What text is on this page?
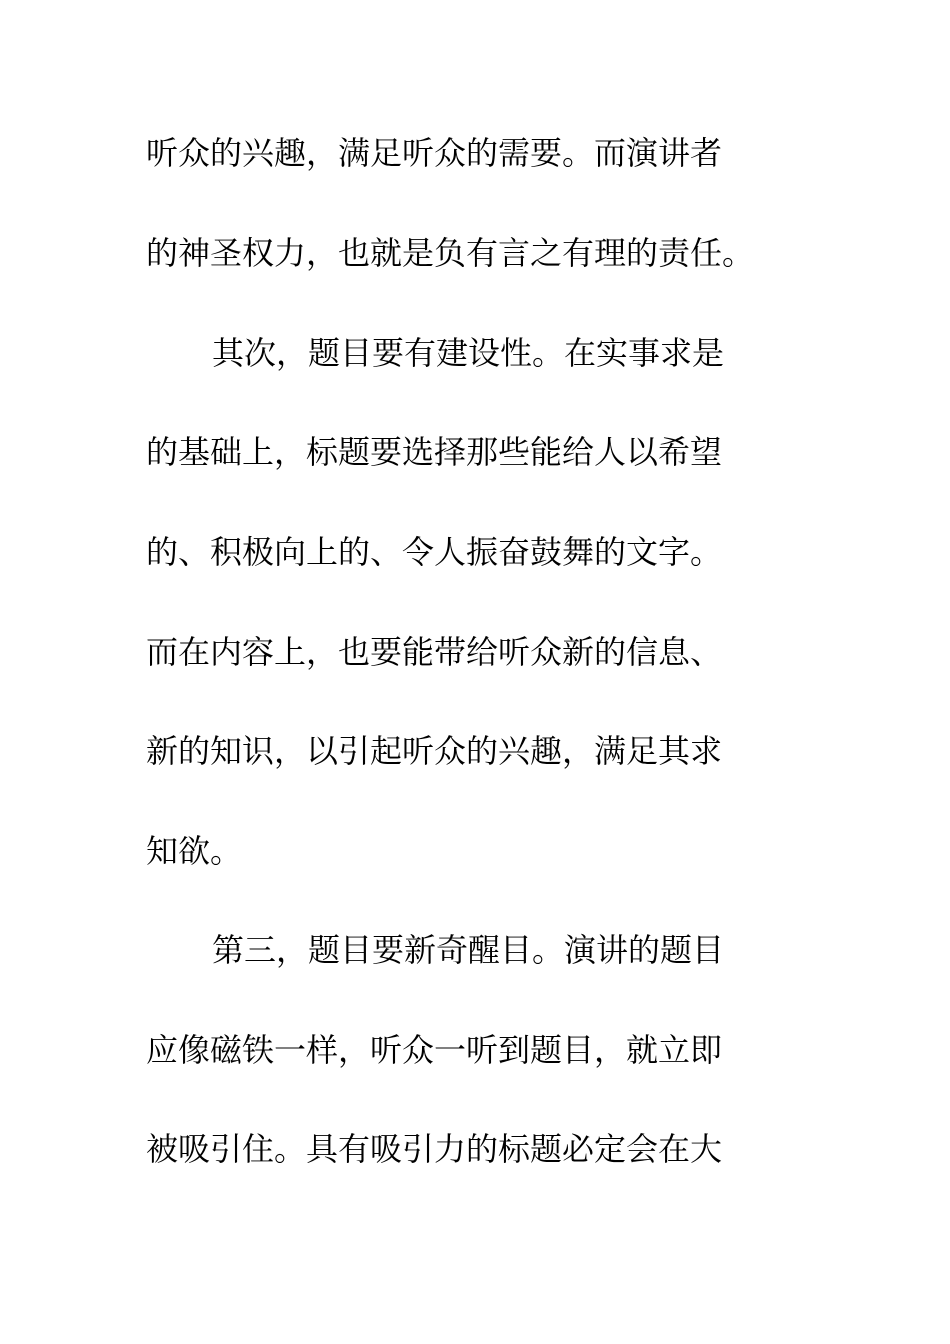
听众的兴趣，满足听众的需要。而演讲者
的神圣权力，也就是负有言之有理的责任。
其次，题目要有建设性。在实事求是
的基础上，标题要选择那些能给人以希望
的、积极向上的、令人振奋鼓舞的文字。
而在内容上，也要能带给听众新的信息、
新的知识，以引起听众的兴趣，满足其求
知欲。
第三，题目要新奇醒目。演讲的题目
应像磁铁一样，听众一听到题目，就立即
被吸引住。具有吸引力的标题必定会在大
